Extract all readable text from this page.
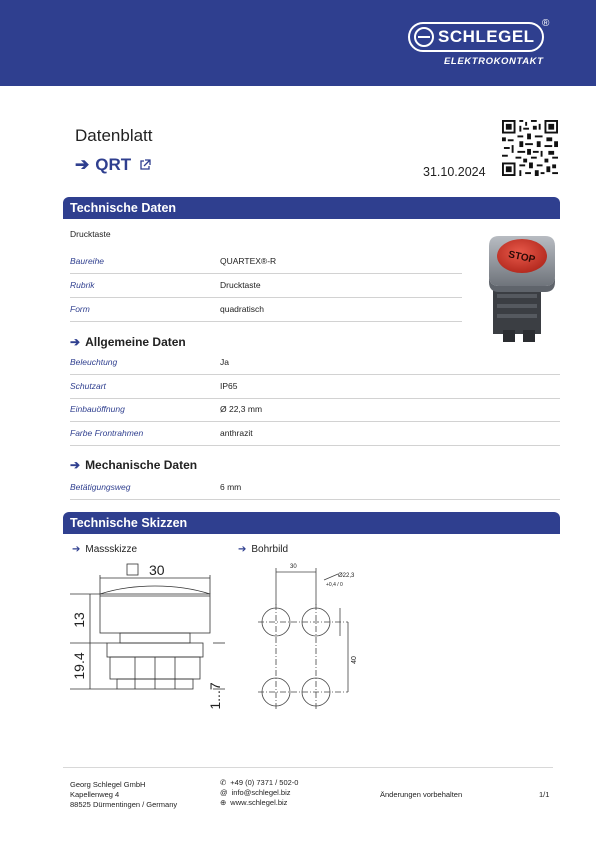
SCHLEGEL
®
ELEKTROKONTAKT
Datenblatt
➔ QRT	31.10.2024
Technische Daten
Drucktaste
Baureihe	QUARTEX®-R
Rubrik	Drucktaste
Form	quadratisch
STOP
➔ Allgemeine Daten
Beleuchtung	Ja
Schutzart	IP65
Einbauöffnung	Ø 22,3 mm
Farbe Frontrahmen	anthrazit
➔ Mechanische Daten
Betätigungsweg	6 mm
Technische Skizzen
➔ Massskizze	➔ Bohrbild
30
13
19.4
1...7
30
Ø22,3
+0,4 / 0
40
Georg Schlegel GmbH
Kapellenweg 4
88525 Dürmentingen / Germany
✆ +49 (0) 7371 / 502-0
@ info@schlegel.biz
⊕ www.schlegel.biz
Änderungen vorbehalten	1/1
